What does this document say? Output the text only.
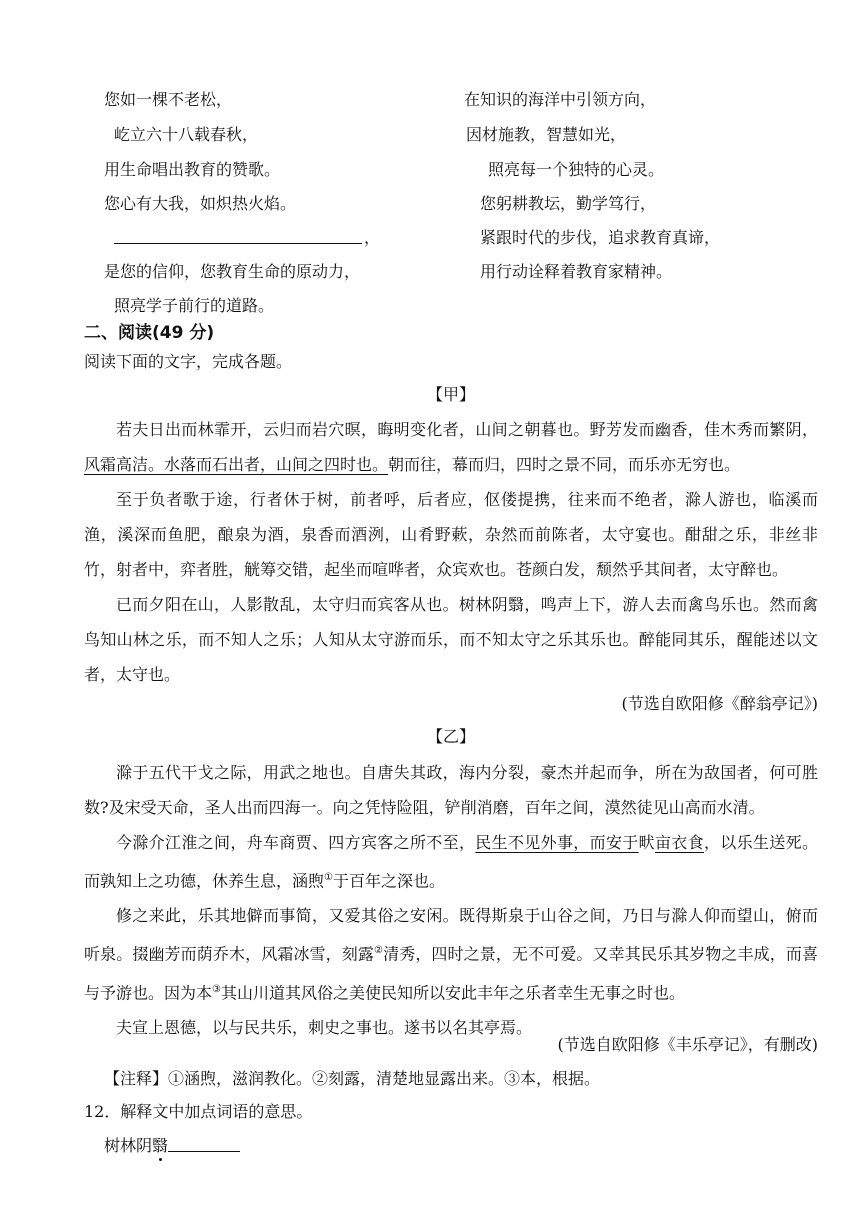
您如一棵不老松，
屹立六十八载春秋，
用生命唱出教育的赞歌。
您心有大我，如炽热火焰。
，
是您的信仰，您教育生命的原动力，
照亮学子前行的道路。
在知识的海洋中引领方向，
因材施教，智慧如光，
照亮每一个独特的心灵。
您躬耕教坛，勤学笃行，
紧跟时代的步伐，追求教育真谛，
用行动诠释着教育家精神。
二、阅读(49 分)
阅读下面的文字，完成各题。
【甲】

若夫日出而林霏开，云归而岩穴暝，晦明变化者，山间之朝暮也。野芳发而幽香，佳木秀而繁阴，风霜高洁。水落而石出者，山间之四时也。朝而往，幕而归，四时之景不同，而乐亦无穷也。

至于负者歌于途，行者休于树，前者呼，后者应，伛偻提携，往来而不绝者，滁人游也，临溪而渔，溪深而鱼肥，酿泉为酒，泉香而酒洌，山肴野蔌，杂然而前陈者，太守宴也。酣甜之乐，非丝非竹，射者中，弈者胜，觥筹交错，起坐而喧哗者，众宾欢也。苍颜白发，颓然乎其间者，太守醉也。

已而夕阳在山，人影散乱，太守归而宾客从也。树林阴翳，鸣声上下，游人去而禽鸟乐也。然而禽鸟知山林之乐，而不知人之乐；人知从太守游而乐，而不知太守之乐其乐也。醉能同其乐，醒能述以文者，太守也。

(节选自欧阳修《醉翁亭记》)
【乙】

滁于五代干戈之际，用武之地也。自唐失其政，海内分裂，豪杰并起而争，所在为敌国者，何可胜数?及宋受天命，圣人出而四海一。向之凭恃险阻，铲削消磨，百年之间，漠然徒见山高而水清。

今滁介江淮之间，舟车商贾、四方宾客之所不至，民生不见外事，而安于畎亩衣食，以乐生送死。而孰知上之功德，休养生息，涵煦①于百年之深也。

修之来此，乐其地僻而事简，又爱其俗之安闲。既得斯泉于山谷之间，乃日与滁人仰而望山，俯而听泉。掇幽芳而荫乔木，风霜冰雪，刻露②清秀，四时之景，无不可爱。又幸其民乐其岁物之丰成，而喜与予游也。因为本③其山川道其风俗之美使民知所以安此丰年之乐者幸生无事之时也。

夫宣上恩德，以与民共乐，刺史之事也。遂书以名其亭焉。

(节选自欧阳修《丰乐亭记》，有删改)
【注释】①涵煦，滋润教化。②刻露，清楚地显露出来。③本，根据。
12．解释文中加点词语的意思。
树林阴翳
